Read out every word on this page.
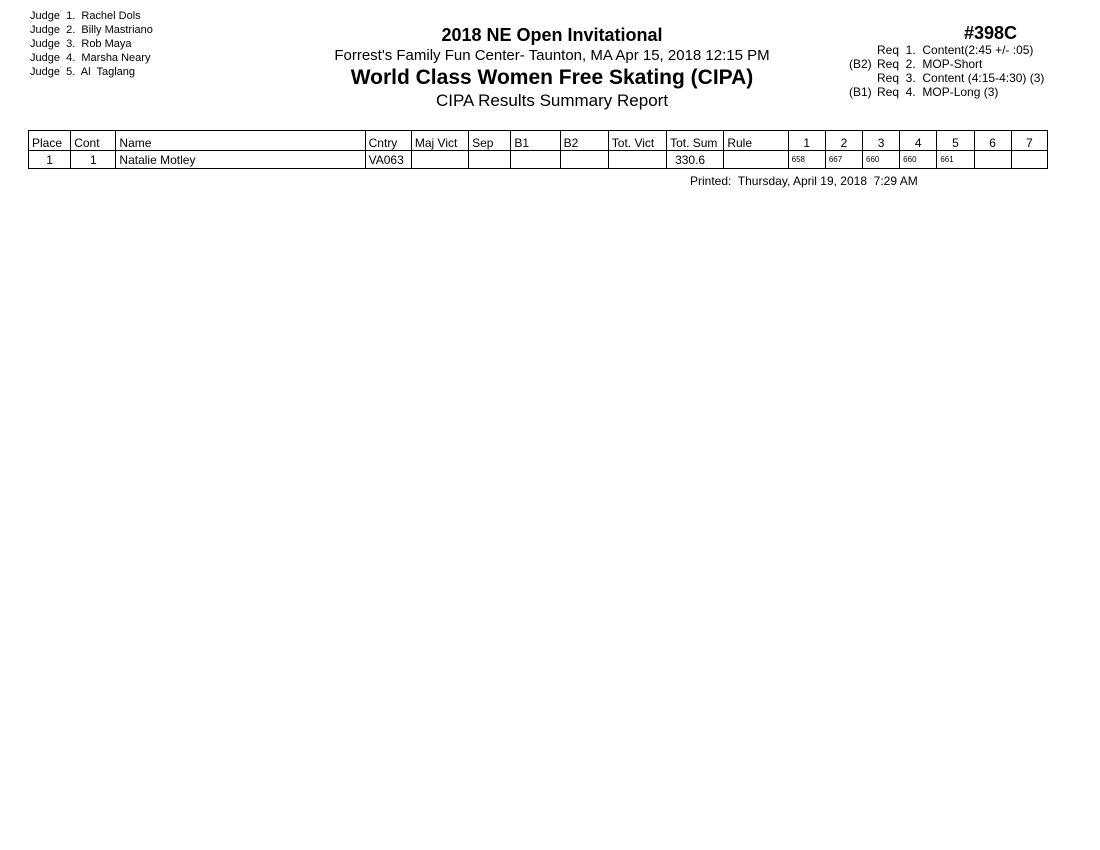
Judge  1.  Rachel Dols
Judge  2.  Billy Mastriano
Judge  3.  Rob Maya
Judge  4.  Marsha Neary
Judge  5.  Al  Taglang
2018 NE Open Invitational
Forrest's Family Fun Center- Taunton, MA Apr 15, 2018 12:15 PM
World Class Women Free Skating (CIPA)
CIPA Results Summary Report
#398C
Req  1.  Content(2:45 +/- :05)
(B2) Req  2.  MOP-Short
Req  3.  Content (4:15-4:30) (3)
(B1) Req  4.  MOP-Long (3)
Place	Cont	Name	Cntry	Maj Vict	Sep	B1	B2	Tot. Vict	Tot. Sum	Rule	1	2	3	4	5	6	7
1	1	Natalie Motley	VA063						330.6		658	667	660	660	661		
Printed:  Thursday, April 19, 2018  7:29 AM
